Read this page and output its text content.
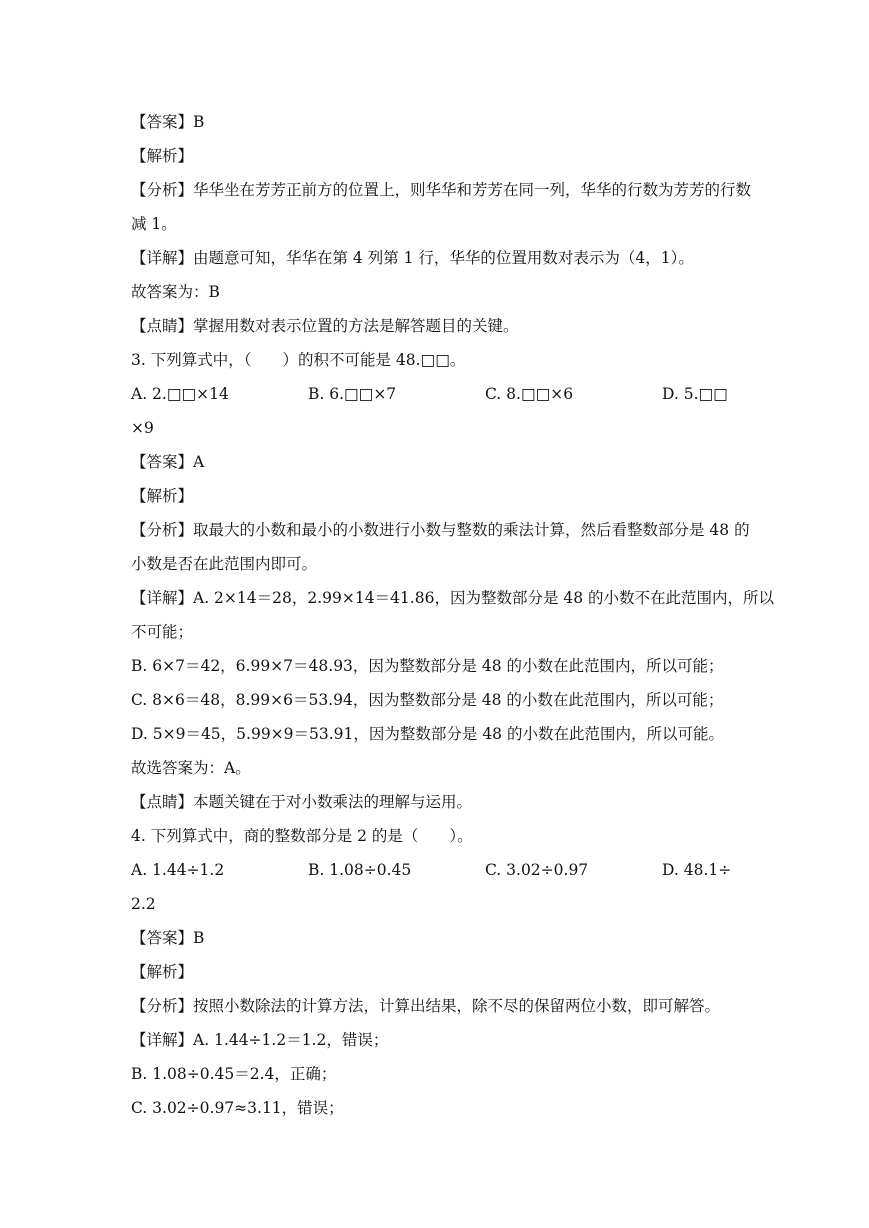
【答案】B
【解析】
【分析】华华坐在芳芳正前方的位置上，则华华和芳芳在同一列，华华的行数为芳芳的行数
减 1。
【详解】由题意可知，华华在第 4 列第 1 行，华华的位置用数对表示为（4，1）。
故答案为：B
【点睛】掌握用数对表示位置的方法是解答题目的关键。
3. 下列算式中，（　　）的积不可能是 48.□□。
A. 2.□□×14	B. 6.□□×7	C. 8.□□×6	D. 5.□□
×9
【答案】A
【解析】
【分析】取最大的小数和最小的小数进行小数与整数的乘法计算，然后看整数部分是 48 的
小数是否在此范围内即可。
【详解】A. 2×14＝28，2.99×14＝41.86，因为整数部分是 48 的小数不在此范围内，所以
不可能；
B. 6×7＝42，6.99×7＝48.93，因为整数部分是 48 的小数在此范围内，所以可能；
C. 8×6＝48，8.99×6＝53.94，因为整数部分是 48 的小数在此范围内，所以可能；
D. 5×9＝45，5.99×9＝53.91，因为整数部分是 48 的小数在此范围内，所以可能。
故选答案为：A。
【点睛】本题关键在于对小数乘法的理解与运用。
4. 下列算式中，商的整数部分是 2 的是（　　）。
A. 1.44÷1.2	B. 1.08÷0.45	C. 3.02÷0.97	D. 48.1÷
2.2
【答案】B
【解析】
【分析】按照小数除法的计算方法，计算出结果，除不尽的保留两位小数，即可解答。
【详解】A. 1.44÷1.2＝1.2，错误；
B. 1.08÷0.45＝2.4，正确；
C. 3.02÷0.97≈3.11，错误；
